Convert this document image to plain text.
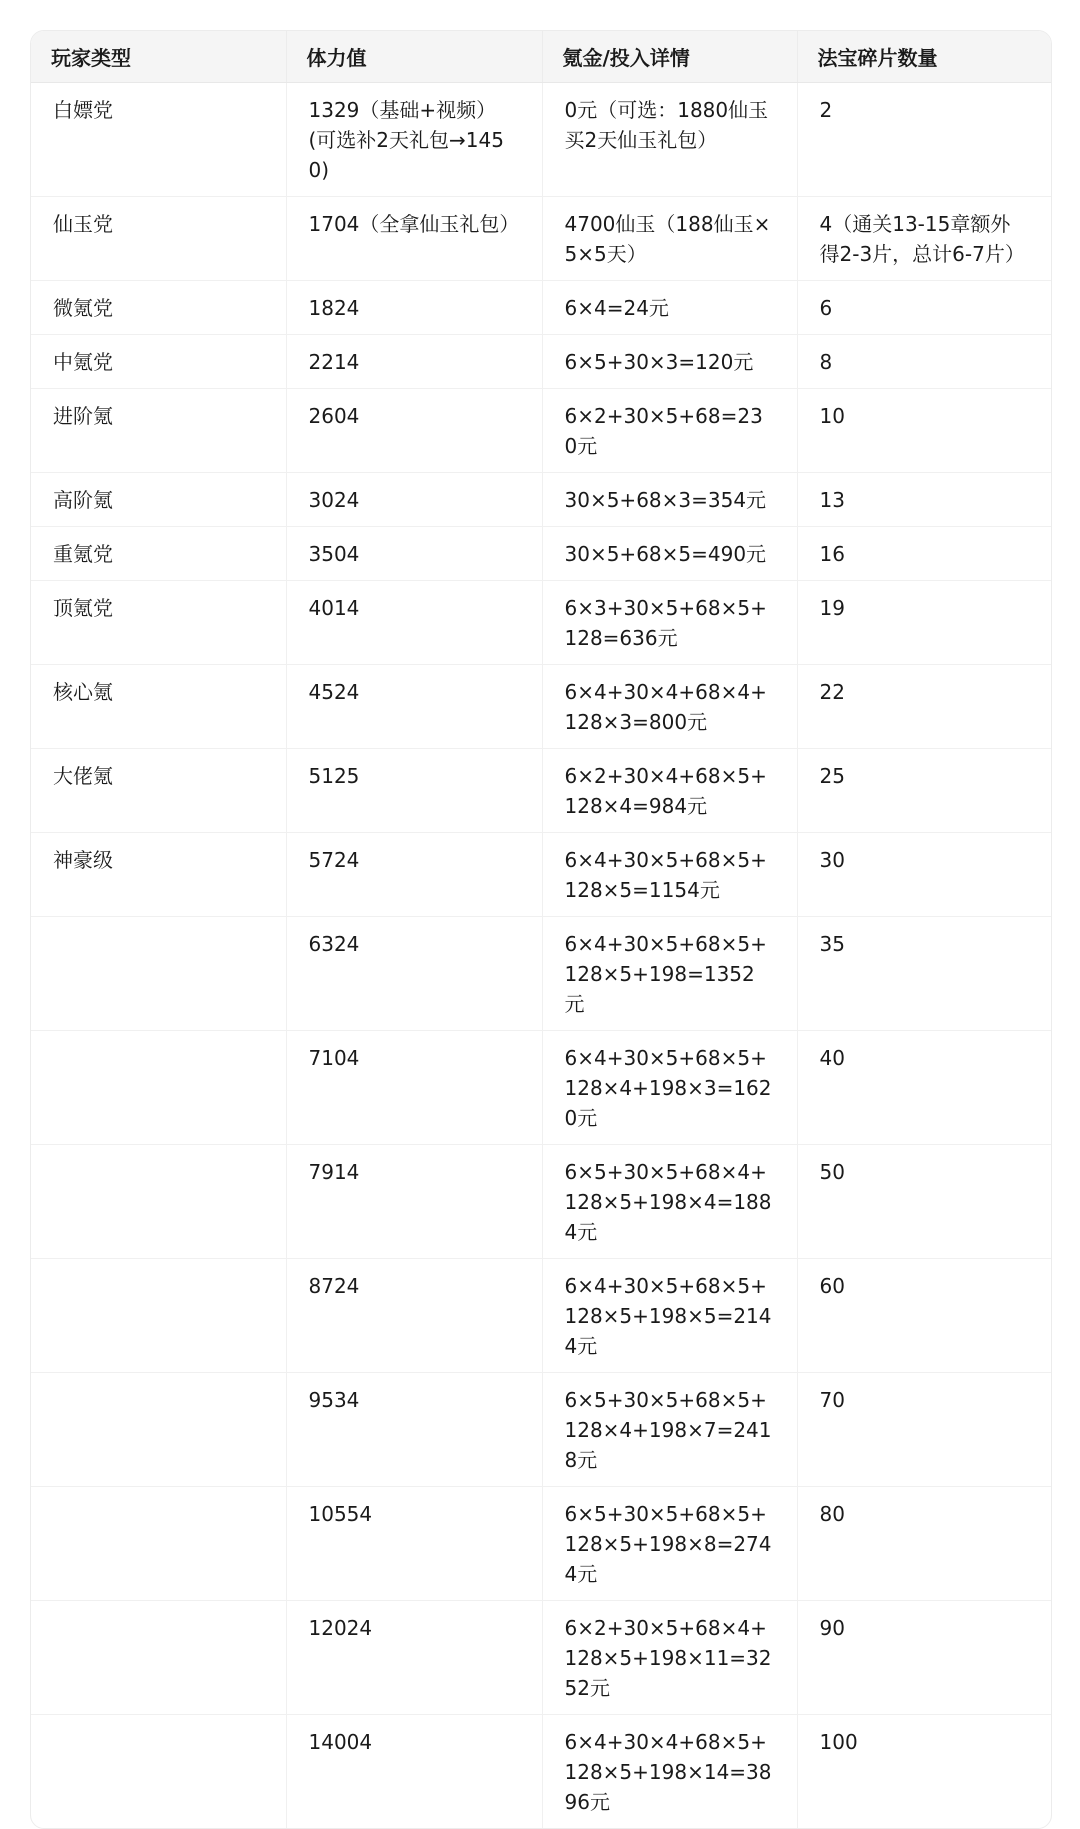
玩家类型	体力值	氪金/投入详情	法宝碎片数量
白嫖党	1329（基础+视频）(可选补2天礼包→1450)	0元（可选：1880仙玉买2天仙玉礼包）	2
仙玉党	1704（全拿仙玉礼包）	4700仙玉（188仙玉×5×5天）	4（通关13-15章额外得2-3片，总计6-7片）
微氪党	1824	6×4=24元	6
中氪党	2214	6×5+30×3=120元	8
进阶氪	2604	6×2+30×5+68=230元	10
高阶氪	3024	30×5+68×3=354元	13
重氪党	3504	30×5+68×5=490元	16
顶氪党	4014	6×3+30×5+68×5+128=636元	19
核心氪	4524	6×4+30×4+68×4+128×3=800元	22
大佬氪	5125	6×2+30×4+68×5+128×4=984元	25
神豪级	5724	6×4+30×5+68×5+128×5=1154元	30
	6324	6×4+30×5+68×5+128×5+198=1352元	35
	7104	6×4+30×5+68×5+128×4+198×3=1620元	40
	7914	6×5+30×5+68×4+128×5+198×4=1884元	50
	8724	6×4+30×5+68×5+128×5+198×5=2144元	60
	9534	6×5+30×5+68×5+128×4+198×7=2418元	70
	10554	6×5+30×5+68×5+128×5+198×8=2744元	80
	12024	6×2+30×5+68×4+128×5+198×11=3252元	90
	14004	6×4+30×4+68×5+128×5+198×14=3896元	100
